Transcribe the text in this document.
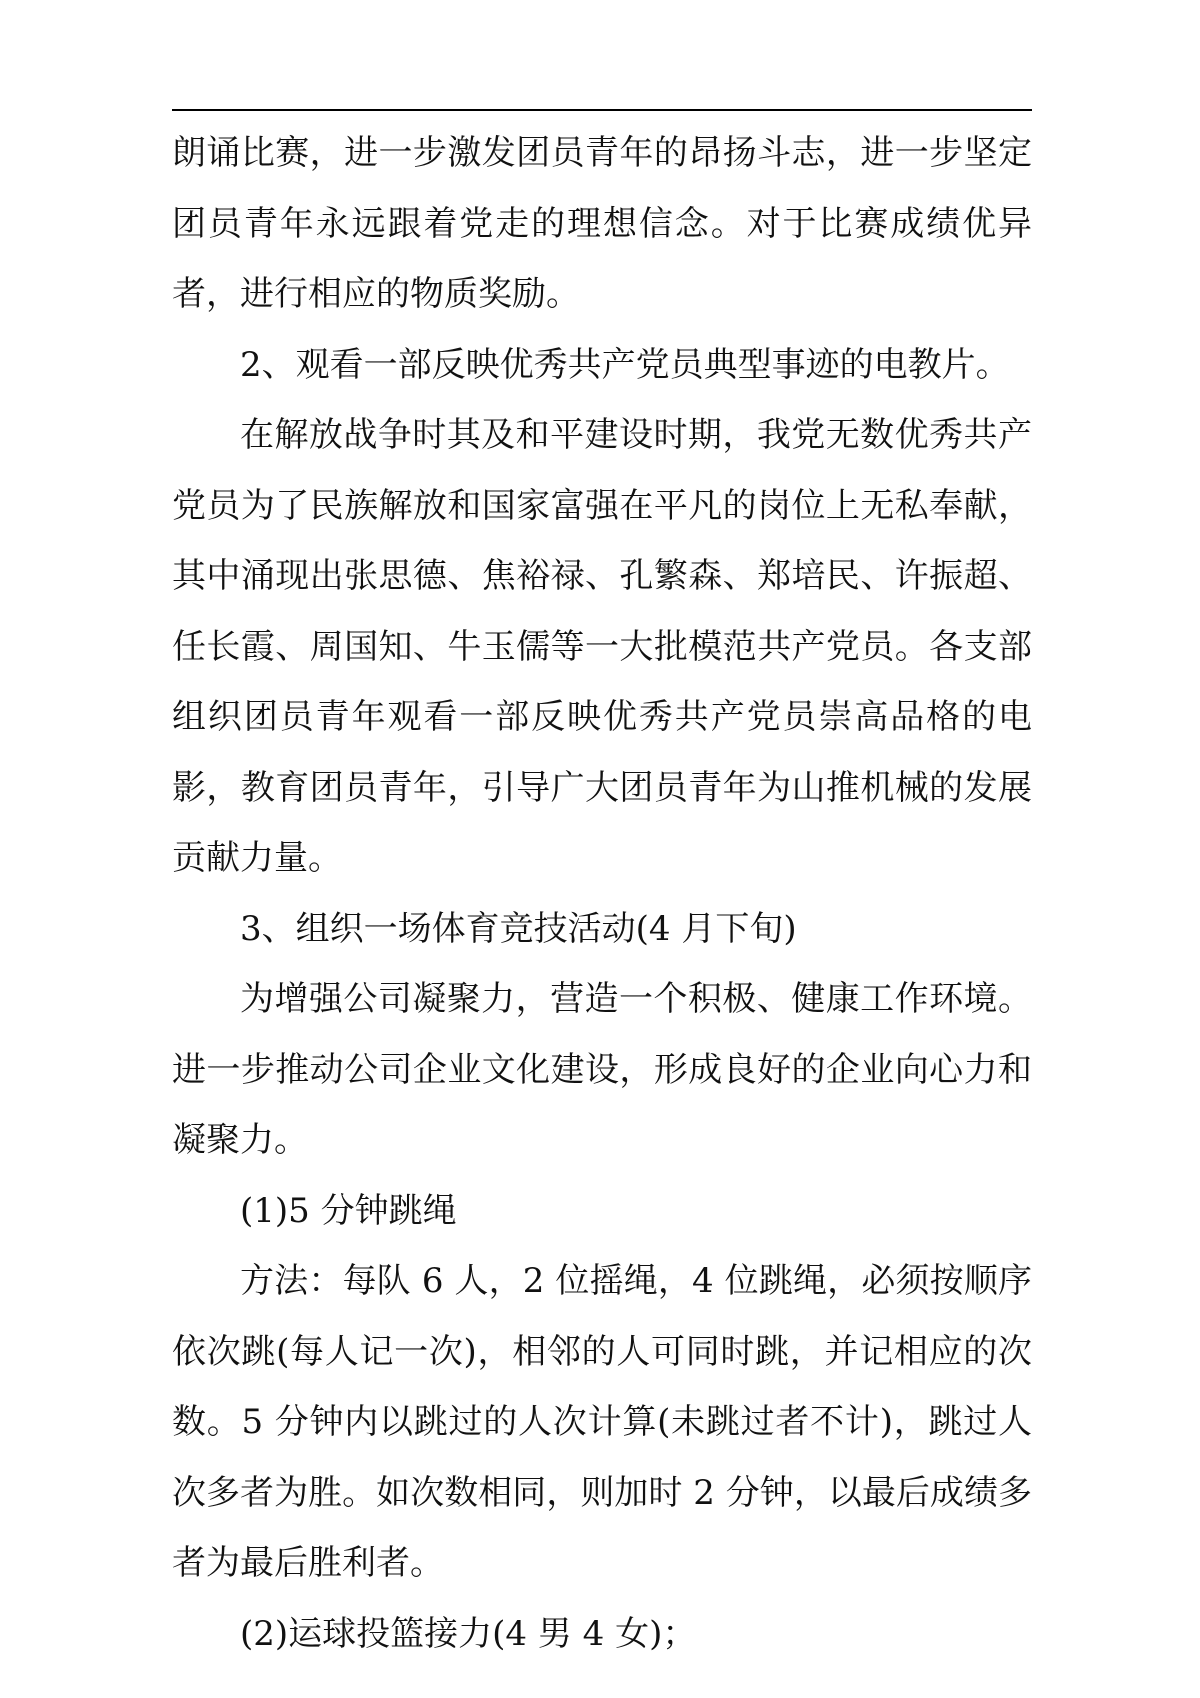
朗诵比赛，进一步激发团员青年的昂扬斗志，进一步坚定团员青年永远跟着党走的理想信念。对于比赛成绩优异者，进行相应的物质奖励。

2、观看一部反映优秀共产党员典型事迹的电教片。

在解放战争时其及和平建设时期，我党无数优秀共产党员为了民族解放和国家富强在平凡的岗位上无私奉献，其中涌现出张思德、焦裕禄、孔繁森、郑培民、许振超、任长霞、周国知、牛玉儒等一大批模范共产党员。各支部组织团员青年观看一部反映优秀共产党员崇高品格的电影，教育团员青年，引导广大团员青年为山推机械的发展贡献力量。

3、组织一场体育竞技活动(4 月下旬)

为增强公司凝聚力，营造一个积极、健康工作环境。进一步推动公司企业文化建设，形成良好的企业向心力和凝聚力。

(1)5 分钟跳绳

方法：每队 6 人，2 位摇绳，4 位跳绳，必须按顺序依次跳(每人记一次)，相邻的人可同时跳，并记相应的次数。5 分钟内以跳过的人次计算(未跳过者不计)，跳过人次多者为胜。如次数相同，则加时 2 分钟，以最后成绩多者为最后胜利者。

(2)运球投篮接力(4 男 4 女)；
